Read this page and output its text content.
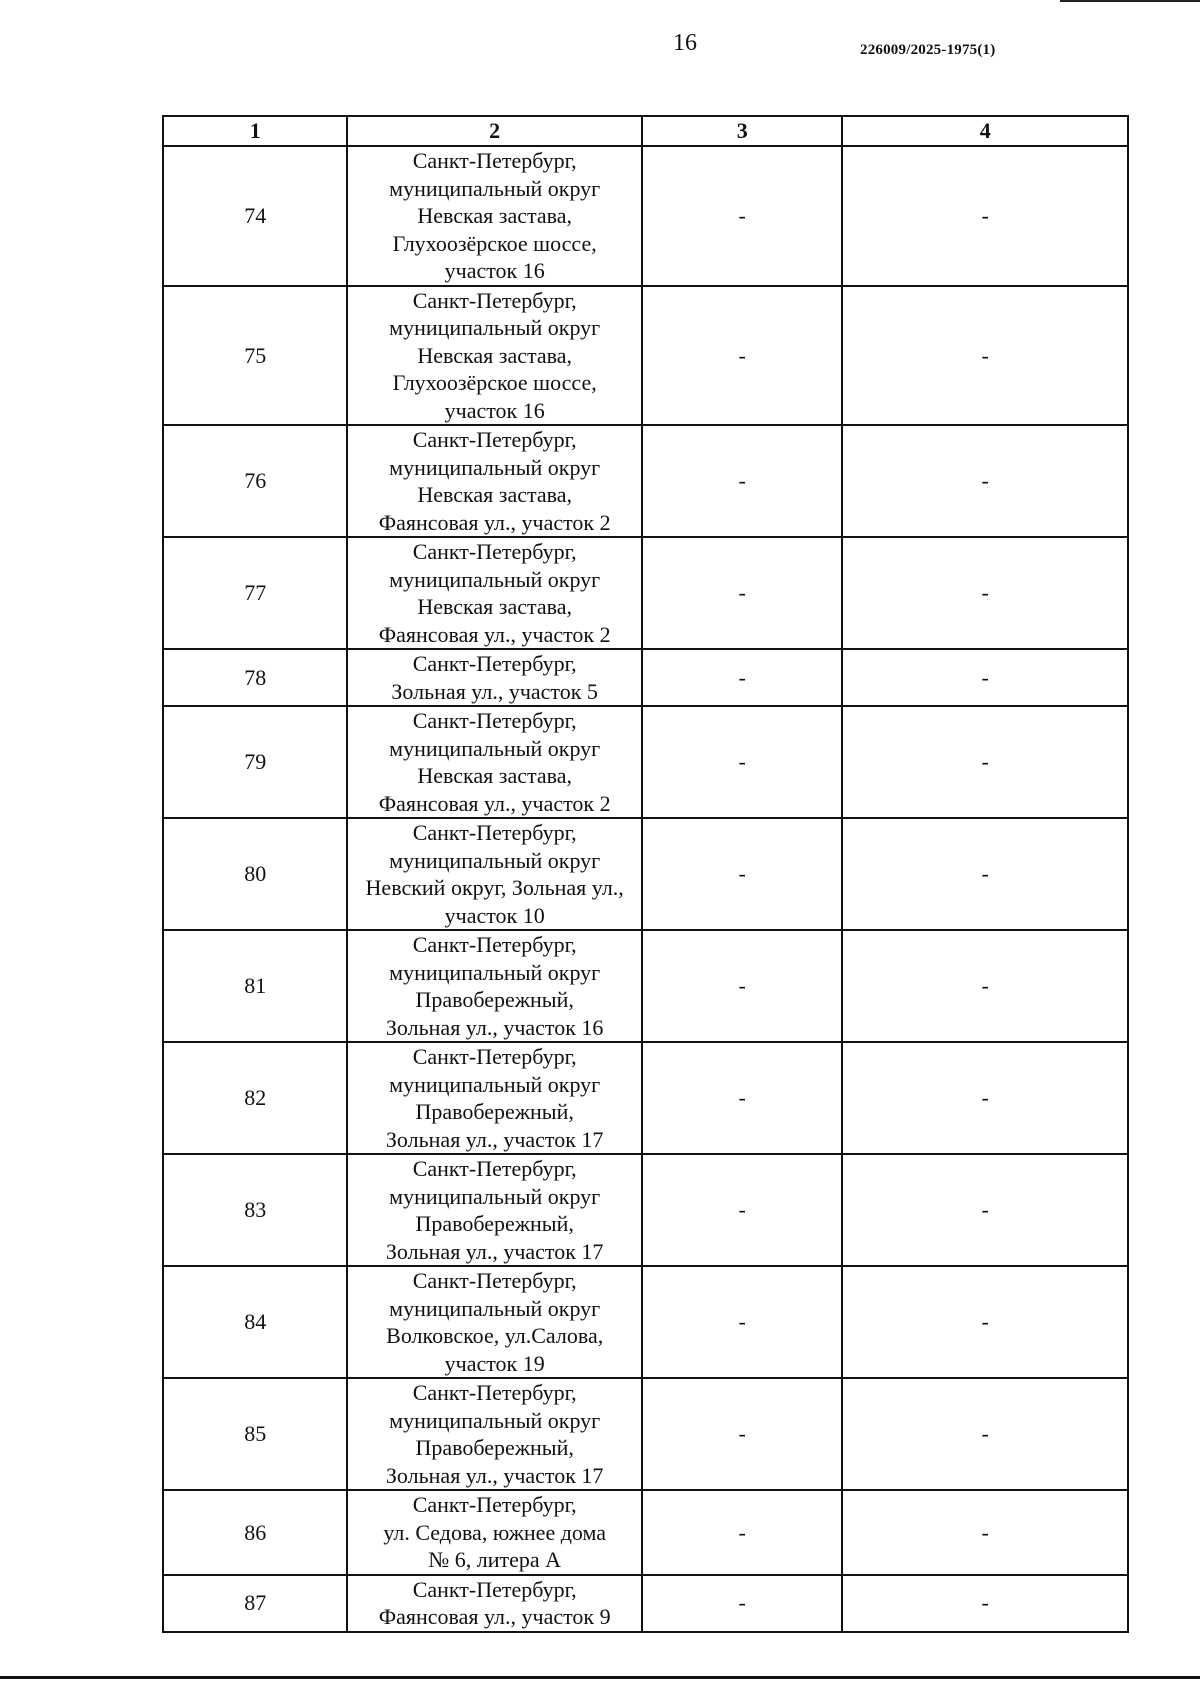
16	226009/2025-1975(1)
1	2	3	4
74	Санкт-Петербург,
муниципальный округ
Невская застава,
Глухоозёрское шоссе,
участок 16	-	-
75	Санкт-Петербург,
муниципальный округ
Невская застава,
Глухоозёрское шоссе,
участок 16	-	-
76	Санкт-Петербург,
муниципальный округ
Невская застава,
Фаянсовая ул., участок 2	-	-
77	Санкт-Петербург,
муниципальный округ
Невская застава,
Фаянсовая ул., участок 2	-	-
78	Санкт-Петербург,
Зольная ул., участок 5	-	-
79	Санкт-Петербург,
муниципальный округ
Невская застава,
Фаянсовая ул., участок 2	-	-
80	Санкт-Петербург,
муниципальный округ
Невский округ, Зольная ул.,
участок 10	-	-
81	Санкт-Петербург,
муниципальный округ
Правобережный,
Зольная ул., участок 16	-	-
82	Санкт-Петербург,
муниципальный округ
Правобережный,
Зольная ул., участок 17	-	-
83	Санкт-Петербург,
муниципальный округ
Правобережный,
Зольная ул., участок 17	-	-
84	Санкт-Петербург,
муниципальный округ
Волковское, ул.Салова,
участок 19	-	-
85	Санкт-Петербург,
муниципальный округ
Правобережный,
Зольная ул., участок 17	-	-
86	Санкт-Петербург,
ул. Седова, южнее дома
№ 6, литера А	-	-
87	Санкт-Петербург,
Фаянсовая ул., участок 9	-	-
